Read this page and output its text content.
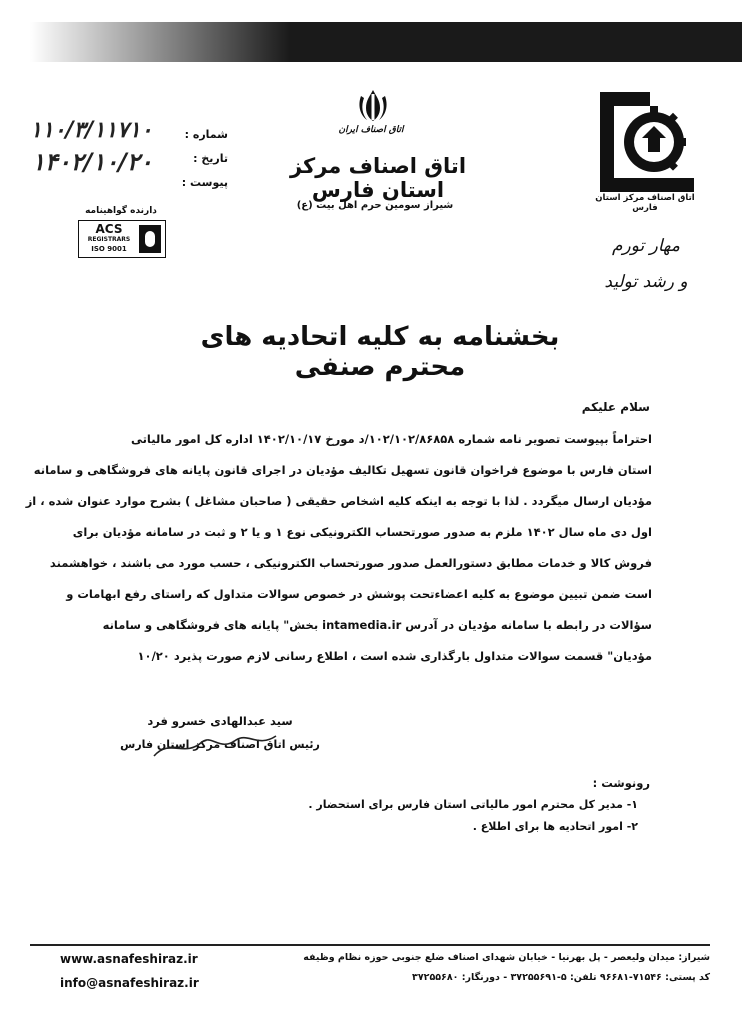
اتاق اصناف ایران
اتاق اصناف مرکز استان فارس
شیراز سومین حرم اهل بیت (ع)
اتاق اصناف مرکز استان فارس
شماره :
۱۱۰/۳/۱۱۷۱۰
تاریخ :
۱۴۰۲/۱۰/۲۰
پیوست :
دارنده گواهینامه
ACS
REGISTRARS
ISO 9001	مهار تورم
و رشد تولید
بخشنامه به کلیه اتحادیه های محترم صنفی
سلام علیکم
احتراماً بپیوست تصویر نامه شماره ۱۰۲/۱۰۲/۸۶۸۵۸/د مورخ ۱۴۰۲/۱۰/۱۷ اداره کل امور مالیاتی
استان فارس با موضوع فراخوان قانون تسهیل تکالیف مؤدیان در اجرای قانون پایانه های فروشگاهی و سامانه
مؤدیان ارسال میگردد . لذا با توجه به اینکه کلیه اشخاص حقیقی ( صاحبان مشاغل ) بشرح موارد عنوان شده ، از
اول دی ماه سال ۱۴۰۲ ملزم به صدور صورتحساب الکترونیکی نوع ۱ و یا ۲ و ثبت در سامانه مؤدیان برای
فروش کالا و خدمات مطابق دستورالعمل صدور صورتحساب الکترونیکی ، حسب مورد می باشند ، خواهشمند
است ضمن تبیین موضوع به کلیه اعضاءتحت پوشش در خصوص سوالات متداول که راستای رفع ابهامات و
سؤالات در رابطه با سامانه مؤدیان در آدرس intamedia.ir بخش" پایانه های فروشگاهی و سامانه
مؤدیان" قسمت سوالات متداول بارگذاری شده است ، اطلاع رسانی لازم صورت پذیرد ۱۰/۲۰
سید عبدالهادی خسرو فرد
رئیس اتاق اصناف مرکز استان فارس
رونوشت :
۱- مدیر کل محترم امور مالیاتی استان فارس برای استحضار .
۲- امور اتحادیه ها برای اطلاع .
www.asnafeshiraz.ir
info@asnafeshiraz.ir
شیراز: میدان ولیعصر - پل بهرنیا - خیابان شهدای اصناف ضلع جنوبی حوزه نظام وظیفه
کد پستی: ۷۱۵۴۶-۹۶۶۸۱ تلفن: ۵-۳۷۲۵۵۶۹۱ - دورنگار: ۳۷۲۵۵۶۸۰
